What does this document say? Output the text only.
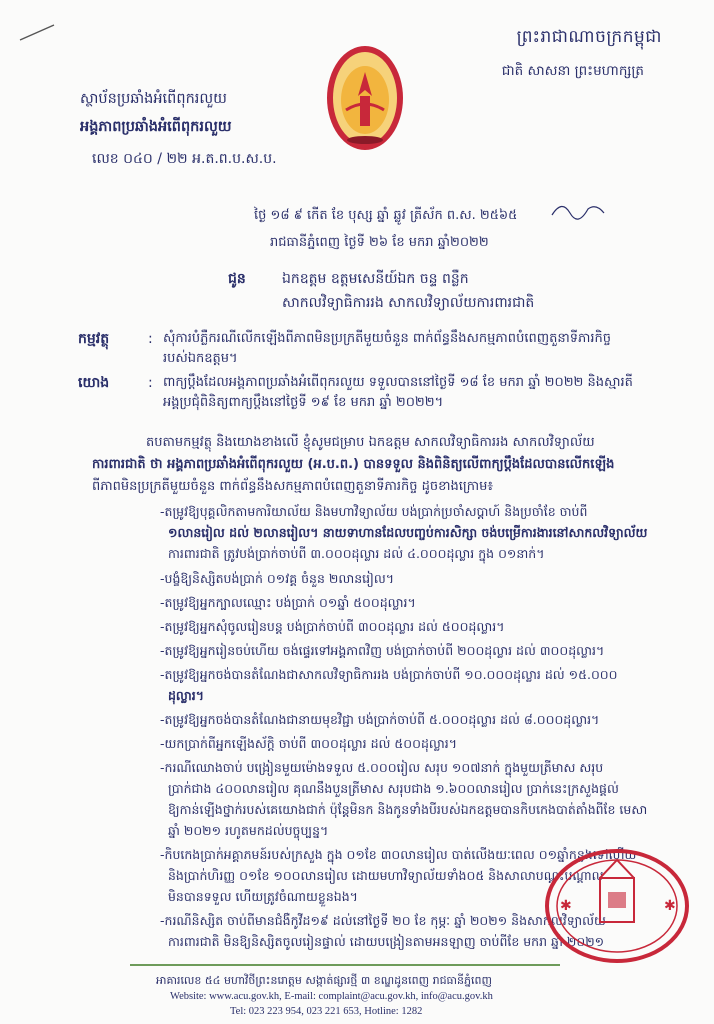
ព្រះរាជាណាចក្រកម្ពុជា
ជាតិ សាសនា ព្រះមហាក្សត្រ
ស្ថាប័នប្រឆាំងអំពើពុករលួយ
អង្គភាពប្រឆាំងអំពើពុករលួយ
លេខ ០៤០ / ២២ អ.ត.ព.ប.ស.ប.
ថ្ងៃ ១៨ ៩ កើត ខែ បុស្ស ឆ្នាំ ឆ្លូវ ត្រីស័ក ព.ស. ២៥៦៥
រាជធានីភ្នំពេញ ថ្ងៃទី ២៦ ខែ មករា ឆ្នាំ២០២២
ជូន	ឯកឧត្តម ឧត្តមសេនីយ៍ឯក ចន្ទ ពន្លឺក
សាកលវិទ្យាធិការរង សាកលវិទ្យាល័យការពារជាតិ
កម្មវត្ថុ	: សុំការបំភ្លឺករណីលើកឡើងពីភាពមិនប្រក្រតីមួយចំនួន ពាក់ព័ន្ធនឹងសកម្មភាពបំពេញតួនាទីភារកិច្ច
របស់ឯកឧត្តម។
យោង	: ពាក្យប្តឹងដែលអង្គភាពប្រឆាំងអំពើពុករលួយ ទទួលបាននៅថ្ងៃទី ១៨ ខែ មករា ឆ្នាំ ២០២២ និងស្មារតី
អង្គប្រជុំពិនិត្យពាក្យប្តឹងនៅថ្ងៃទី ១៩ ខែ មករា ឆ្នាំ ២០២២។
តបតាមកម្មវត្ថុ និងយោងខាងលើ ខ្ញុំសូមជម្រាប ឯកឧត្តម សាកលវិទ្យាធិការរង សាកលវិទ្យាល័យ
ការពារជាតិ ថា អង្គភាពប្រឆាំងអំពើពុករលួយ (អ.ប.ព.) បានទទួល និងពិនិត្យលើពាក្យប្តឹងដែលបានលើកឡើង
ពីភាពមិនប្រក្រតីមួយចំនួន ពាក់ព័ន្ធនឹងសកម្មភាពបំពេញតួនាទីភារកិច្ច ដូចខាងក្រោម៖
-តម្រូវឱ្យបុគ្គលិកតាមការិយាល័យ និងមហាវិទ្យាល័យ បង់ប្រាក់ប្រចាំសប្តាហ៍ និងប្រចាំខែ ចាប់ពី
១លានរៀល ដល់ ២លានរៀល។ នាយទាហានដែលបញ្ចប់ការសិក្សា ចង់បម្រើការងារនៅសាកលវិទ្យាល័យ
ការពារជាតិ ត្រូវបង់ប្រាក់ចាប់ពី ៣.០០០ដុល្លារ ដល់ ៤.០០០ដុល្លារ ក្នុង ០១នាក់។
-បង្ខំឱ្យនិស្សិតបង់ប្រាក់ ០១វគ្គ ចំនួន ២លានរៀល។
-តម្រូវឱ្យអ្នកក្បាលឈ្មោះ បង់ប្រាក់ ០១ឆ្នាំ ៥០០ដុល្លារ។
-តម្រូវឱ្យអ្នកសុំចូលរៀនបន្ត បង់ប្រាក់ចាប់ពី ៣០០ដុល្លារ ដល់ ៥០០ដុល្លារ។
-តម្រូវឱ្យអ្នករៀនចប់ហើយ ចង់ផ្ទេរទៅអង្គភាពវិញ បង់ប្រាក់ចាប់ពី ២០០ដុល្លារ ដល់ ៣០០ដុល្លារ។
-តម្រូវឱ្យអ្នកចង់បានតំណែងជាសាកលវិទ្យាធិការរង បង់ប្រាក់ចាប់ពី ១០.០០០ដុល្លារ ដល់ ១៥.០០០
ដុល្លារ។
-តម្រូវឱ្យអ្នកចង់បានតំណែងជានាយមុខវិជ្ជា បង់ប្រាក់ចាប់ពី ៥.០០០ដុល្លារ ដល់ ៨.០០០ដុល្លារ។
-យកប្រាក់ពីអ្នកឡើងស័ក្តិ ចាប់ពី ៣០០ដុល្លារ ដល់ ៥០០ដុល្លារ។
-ករណីឈោងចាប់ បង្រៀនមួយម៉ោងទទួល ៥.០០០រៀល សរុប ១០៧នាក់ ក្នុងមួយត្រីមាស សរុប
ប្រាក់ជាង ៤០០លានរៀល គុណនឹងបួនត្រីមាស សរុបជាង ១.៦០០លានរៀល ប្រាក់នេះក្រសួងផ្តល់
ឱ្យកាន់ឡើងថ្នាក់របស់គេយោងជាក់ ប៉ុន្តែមិនក និងកូនទាំងបីរបស់ឯកឧត្តមបានកិបកេងបាត់តាំងពីខែ មេសា
ឆ្នាំ ២០២១ រហូតមកដល់បច្ចុប្បន្ន។
-កិបកេងប្រាក់អគ្គាភមន៍របស់ក្រសួង ក្នុង ០១ខែ ៣០លានរៀល បាត់លើងយៈពេល ០១ឆ្នាំកន្លងទៅហើយ
និងប្រាក់ហិរញ្ញ ០១ខែ ១០០លានរៀល ដោយមហាវិទ្យាល័យទាំង០៥ និងសាលាបណ្តុះបណ្តាល
មិនបានទទួល ហើយត្រូវចំណាយខ្លួនឯង។
-ករណីនិស្សិត ចាប់ពីមានជំងឺកូវីដ១៩ ដល់នៅថ្ងៃទី ២០ ខែ កុម្ភៈ ឆ្នាំ ២០២១ និងសាកលវិទ្យាល័យ
ការពារជាតិ មិនឱ្យនិស្សិតចូលរៀនផ្ទាល់ ដោយបង្រៀនតាមអនឡាញ ចាប់ពីខែ មករា ឆ្នាំ ២០២១
✱	✱
អាគារលេខ ៥៤ មហាវិថីព្រះនរោត្តម សង្កាត់ផ្សារថ្មី ៣ ខណ្ឌដូនពេញ រាជធានីភ្នំពេញ
Website: www.acu.gov.kh, E-mail: complaint@acu.gov.kh, info@acu.gov.kh
Tel: 023 223 954, 023 221 653, Hotline: 1282
